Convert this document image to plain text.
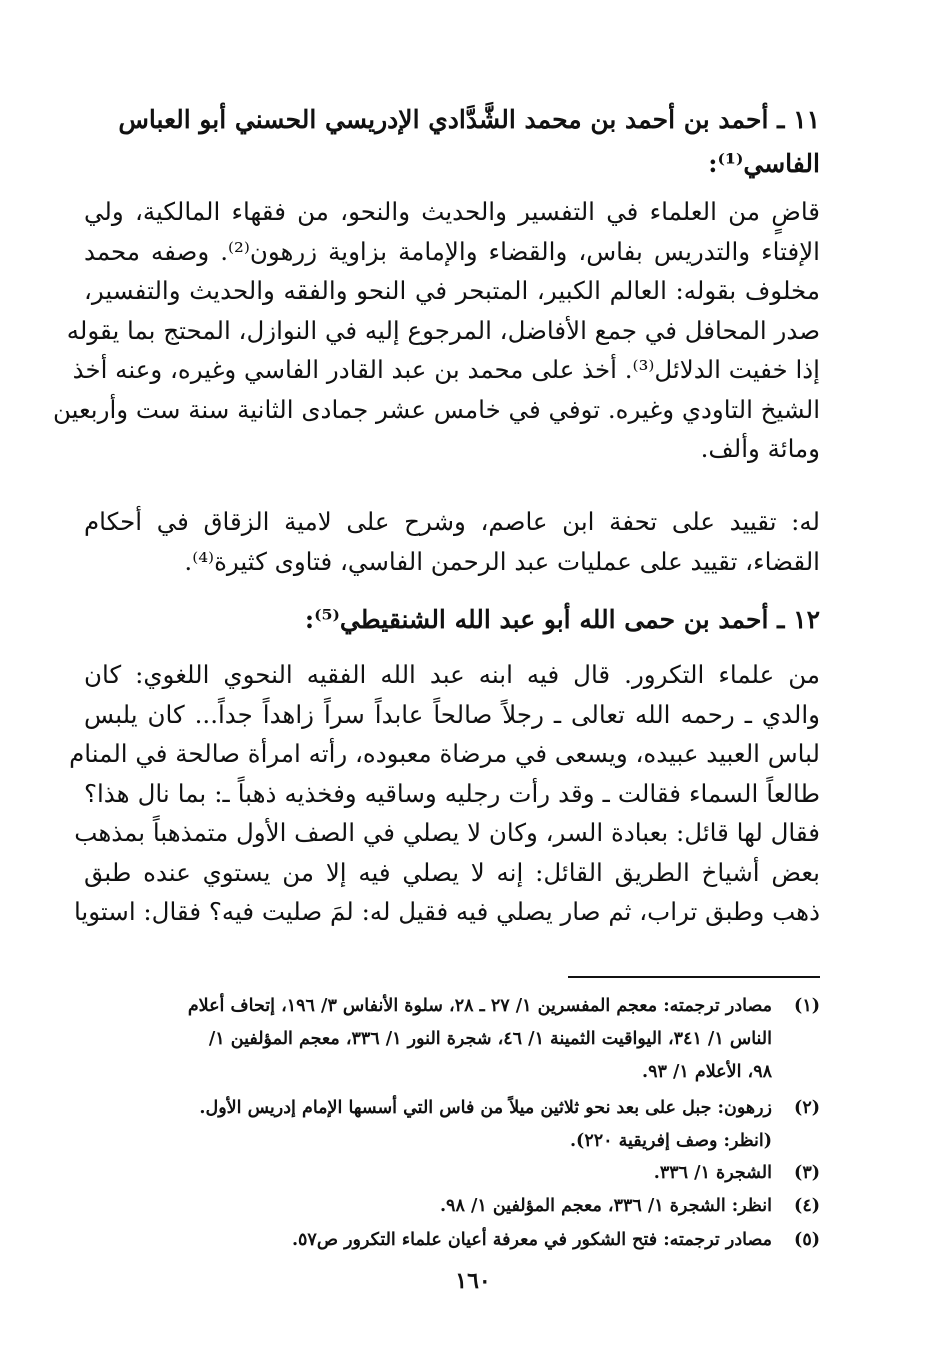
١١ ـ أحمد بن أحمد بن محمد الشَّدَّادي الإدريسي الحسني أبو العباس
الفاسي⁽¹⁾:
قاضٍ من العلماء في التفسير والحديث والنحو، من فقهاء المالكية، ولي
الإفتاء والتدريس بفاس، والقضاء والإمامة بزاوية زرهون⁽²⁾. وصفه محمد
مخلوف بقوله: العالم الكبير، المتبحر في النحو والفقه والحديث والتفسير،
صدر المحافل في جمع الأفاضل، المرجوع إليه في النوازل، المحتج بما يقوله
إذا خفيت الدلائل⁽³⁾. أخذ على محمد بن عبد القادر الفاسي وغيره، وعنه أخذ
الشيخ التاودي وغيره. توفي في خامس عشر جمادى الثانية سنة ست وأربعين
ومائة وألف.
له: تقييد على تحفة ابن عاصم، وشرح على لامية الزقاق في أحكام
القضاء، تقييد على عمليات عبد الرحمن الفاسي، فتاوى كثيرة⁽⁴⁾.
١٢ ـ أحمد بن حمى الله أبو عبد الله الشنقيطي⁽⁵⁾:
من علماء التكرور. قال فيه ابنه عبد الله الفقيه النحوي اللغوي: كان
والدي ـ رحمه الله تعالى ـ رجلاً صالحاً عابداً سراً زاهداً جداً... كان يلبس
لباس العبيد عبيده، ويسعى في مرضاة معبوده، رأته امرأة صالحة في المنام
طالعاً السماء فقالت ـ وقد رأت رجليه وساقيه وفخذيه ذهباً ـ: بما نال هذا؟
فقال لها قائل: بعبادة السر، وكان لا يصلي في الصف الأول متمذهباً بمذهب
بعض أشياخ الطريق القائل: إنه لا يصلي فيه إلا من يستوي عنده طبق
ذهب وطبق تراب، ثم صار يصلي فيه فقيل له: لمَ صليت فيه؟ فقال: استويا
(١)مصادر ترجمته: معجم المفسرين ١/ ٢٧ ـ ٢٨، سلوة الأنفاس ٣/ ١٩٦، إتحاف أعلام
الناس ١/ ٣٤١، اليواقيت الثمينة ١/ ٤٦، شجرة النور ١/ ٣٣٦، معجم المؤلفين ١/
٩٨، الأعلام ١/ ٩٣.
(٢)زرهون: جبل على بعد نحو ثلاثين ميلاً من فاس التي أسسها الإمام إدريس الأول.
(انظر: وصف إفريقية ٢٢٠).
(٣)الشجرة ١/ ٣٣٦.
(٤)انظر: الشجرة ١/ ٣٣٦، معجم المؤلفين ١/ ٩٨.
(٥)مصادر ترجمته: فتح الشكور في معرفة أعيان علماء التكرور ص٥٧.
١٦٠
